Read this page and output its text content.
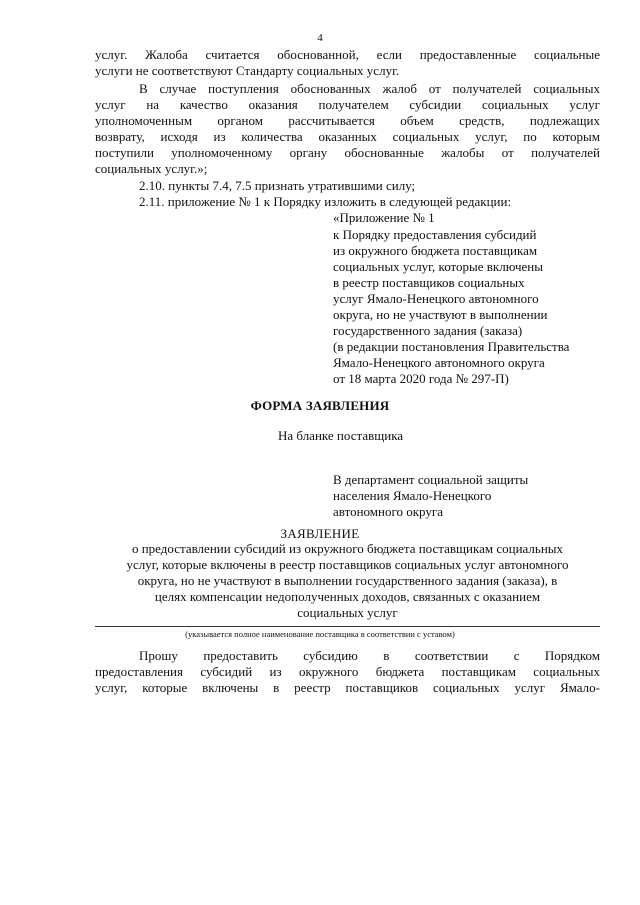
4
услуг. Жалоба считается обоснованной, если предоставленные социальные
услуги не соответствуют Стандарту социальных услуг.
В случае поступления обоснованных жалоб от получателей социальных
услуг на качество оказания получателем субсидии социальных услуг
уполномоченным органом рассчитывается объем средств, подлежащих
возврату, исходя из количества оказанных социальных услуг, по которым
поступили уполномоченному органу обоснованные жалобы от получателей
социальных услуг.»;
2.10. пункты 7.4, 7.5 признать утратившими силу;
2.11. приложение № 1 к Порядку изложить в следующей редакции:
«Приложение № 1
к Порядку предоставления субсидий
из окружного бюджета поставщикам
социальных услуг, которые включены
в реестр поставщиков социальных
услуг Ямало-Ненецкого автономного
округа, но не участвуют в выполнении
государственного задания (заказа)
(в редакции постановления Правительства
Ямало-Ненецкого автономного округа
от 18 марта 2020 года № 297-П)
ФОРМА ЗАЯВЛЕНИЯ
На бланке поставщика
В департамент социальной защиты
населения Ямало-Ненецкого
автономного округа
ЗАЯВЛЕНИЕ
о предоставлении субсидий из окружного бюджета поставщикам социальных
услуг, которые включены в реестр поставщиков социальных услуг автономного
округа, но не участвуют в выполнении государственного задания (заказа), в
целях компенсации недополученных доходов, связанных с оказанием
социальных услуг
(указывается полное наименование поставщика в соответствии с уставом)
Прошу предоставить субсидию в соответствии с Порядком
предоставления субсидий из окружного бюджета поставщикам социальных
услуг, которые включены в реестр поставщиков социальных услуг Ямало-
